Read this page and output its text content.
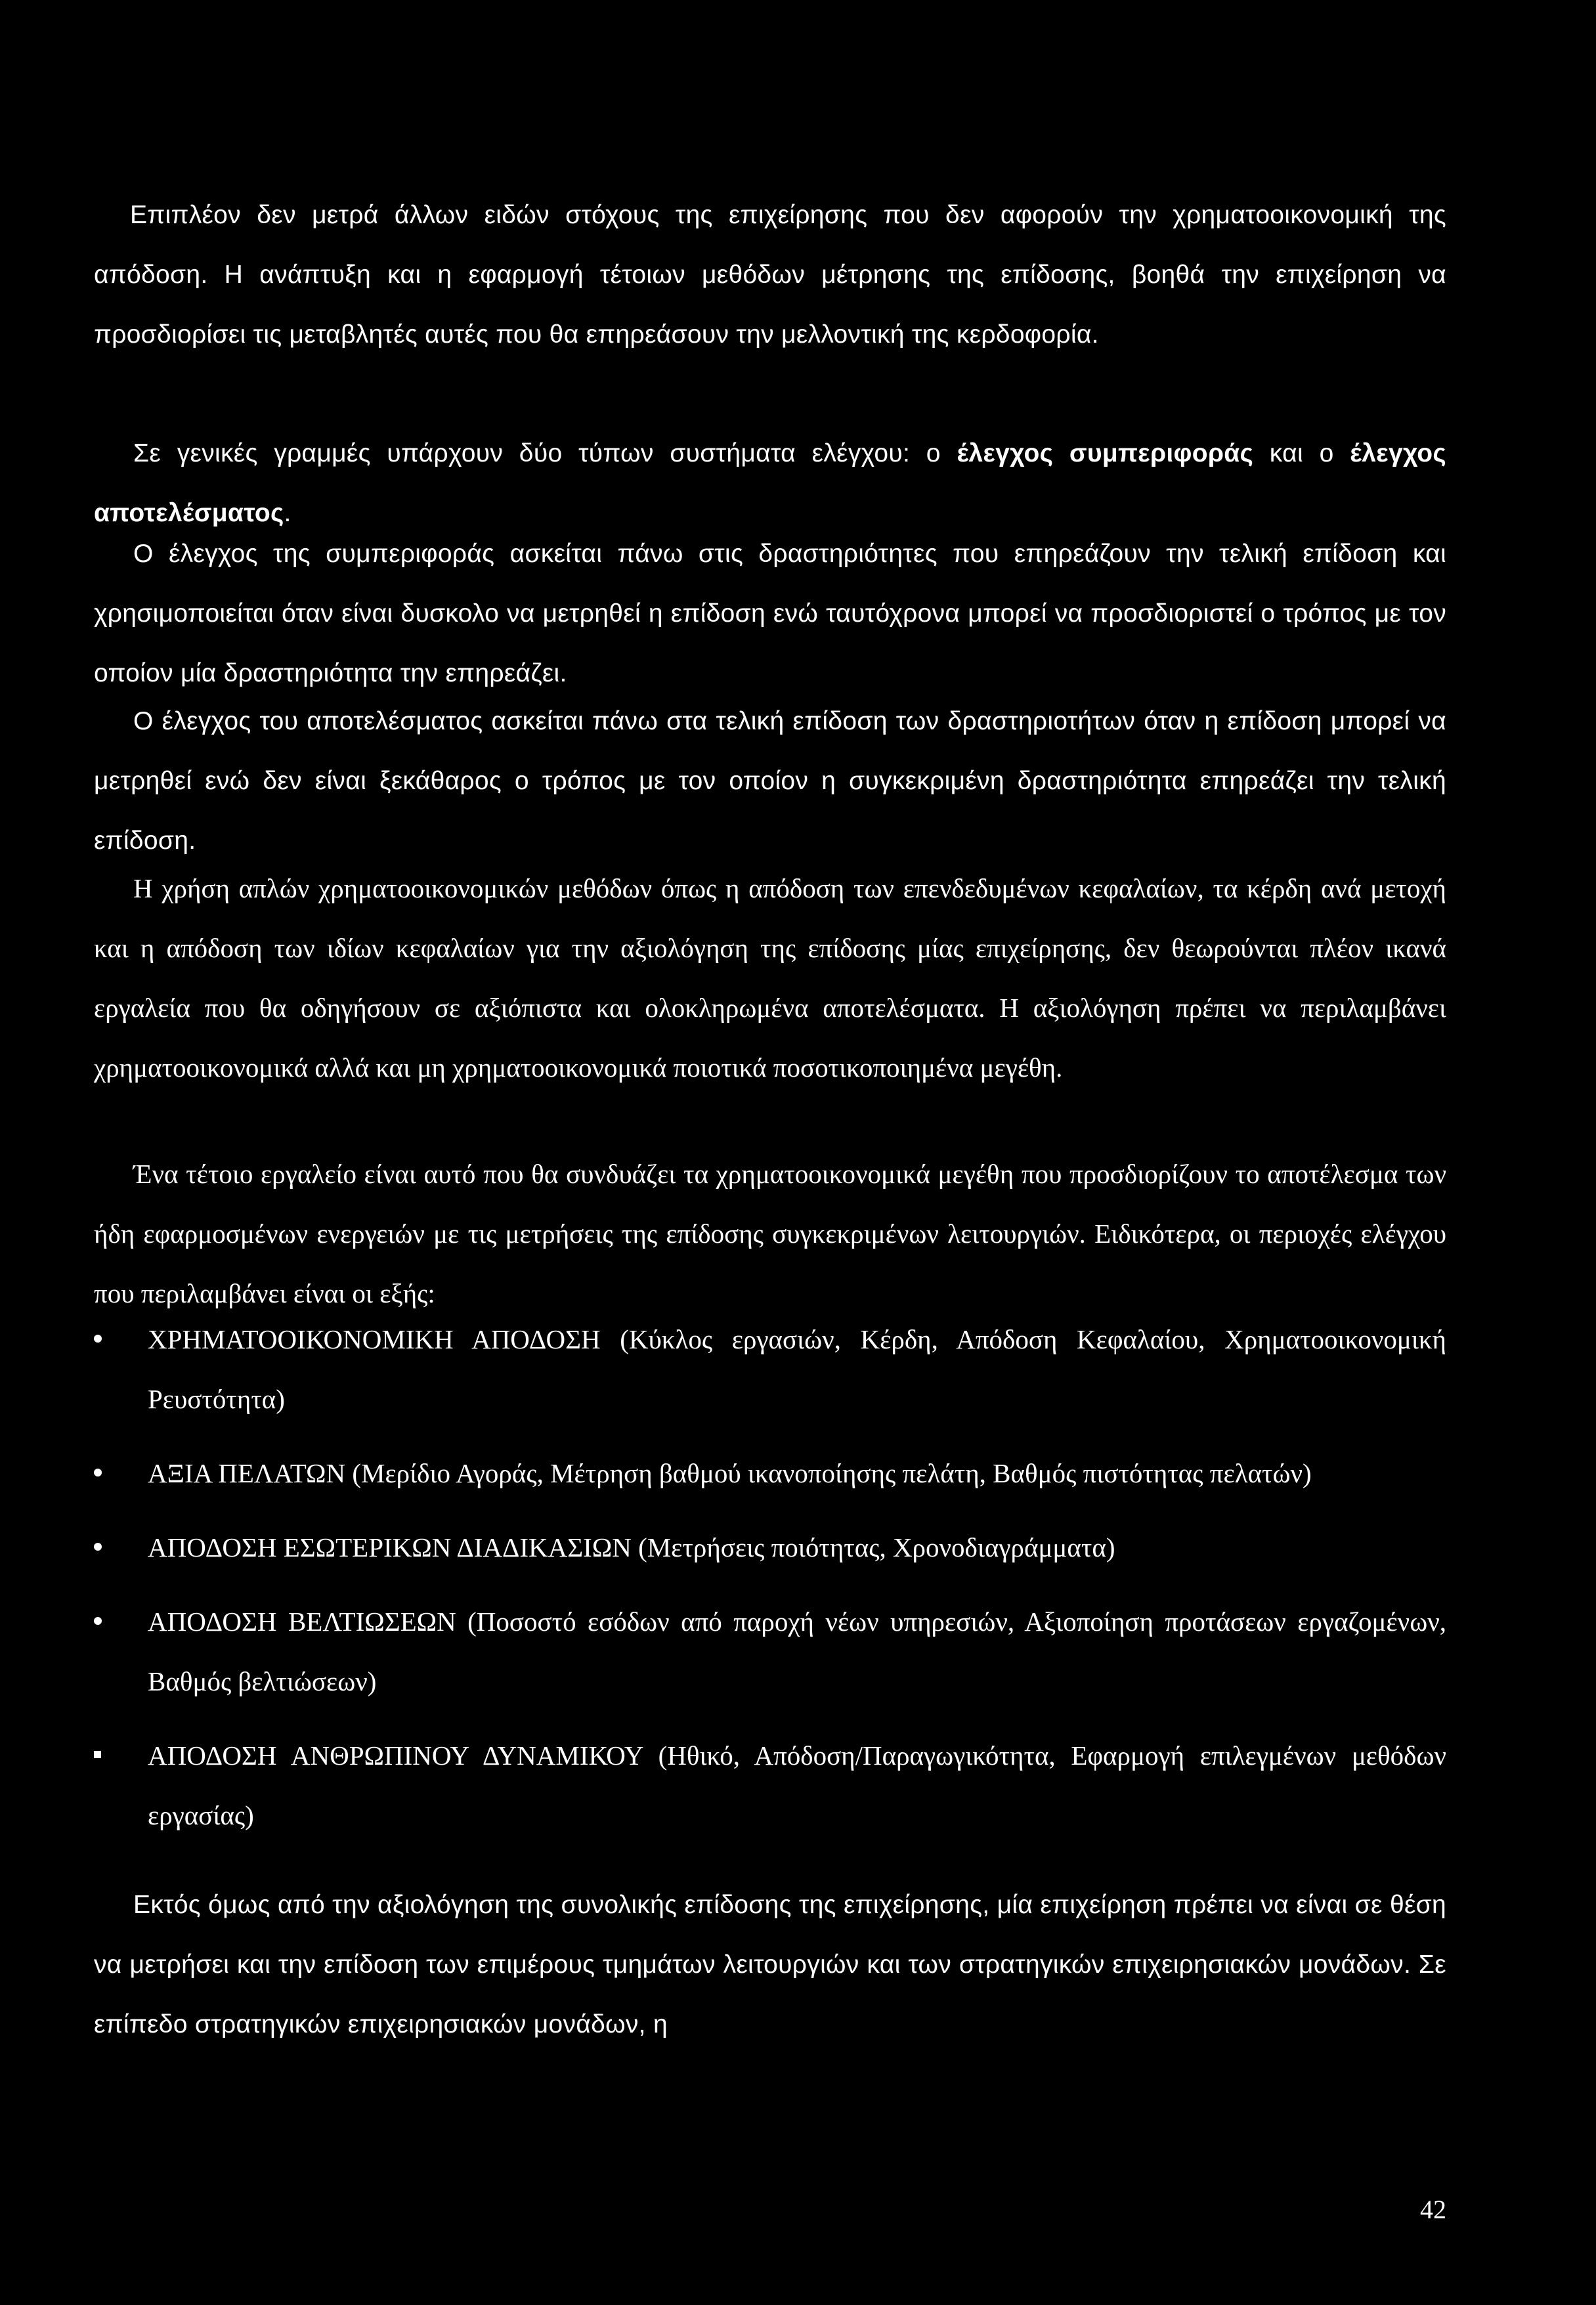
Επιπλέον δεν μετρά άλλων ειδών στόχους της επιχείρησης που δεν αφορούν την χρηματοοικονομική της απόδοση. Η ανάπτυξη και η εφαρμογή τέτοιων μεθόδων μέτρησης της επίδοσης, βοηθά την επιχείρηση να προσδιορίσει τις μεταβλητές αυτές που θα επηρεάσουν την μελλοντική της κερδοφορία.

Σε γενικές γραμμές υπάρχουν δύο τύπων συστήματα ελέγχου: ο έλεγχος συμπεριφοράς και ο έλεγχος αποτελέσματος.

Ο έλεγχος της συμπεριφοράς ασκείται πάνω στις δραστηριότητες που επηρεάζουν την τελική επίδοση και χρησιμοποιείται όταν είναι δυσκολο να μετρηθεί η επίδοση ενώ ταυτόχρονα μπορεί να προσδιοριστεί ο τρόπος με τον οποίον μία δραστηριότητα την επηρεάζει.

Ο έλεγχος του αποτελέσματος ασκείται πάνω στα τελική επίδοση των δραστηριοτήτων όταν η επίδοση μπορεί να μετρηθεί ενώ δεν είναι ξεκάθαρος ο τρόπος με τον οποίον η συγκεκριμένη δραστηριότητα επηρεάζει την τελική επίδοση.

Η χρήση απλών χρηματοοικονομικών μεθόδων όπως η απόδοση των επενδεδυμένων κεφαλαίων, τα κέρδη ανά μετοχή και η απόδοση των ιδίων κεφαλαίων για την αξιολόγηση της επίδοσης μίας επιχείρησης, δεν θεωρούνται πλέον ικανά εργαλεία που θα οδηγήσουν σε αξιόπιστα και ολοκληρωμένα αποτελέσματα. Η αξιολόγηση πρέπει να περιλαμβάνει χρηματοοικονομικά αλλά και μη χρηματοοικονομικά ποιοτικά ποσοτικοποιημένα μεγέθη.

Ένα τέτοιο εργαλείο είναι αυτό που θα συνδυάζει τα χρηματοοικονομικά μεγέθη που προσδιορίζουν το αποτέλεσμα των ήδη εφαρμοσμένων ενεργειών με τις μετρήσεις της επίδοσης συγκεκριμένων λειτουργιών. Ειδικότερα, οι περιοχές ελέγχου που περιλαμβάνει είναι οι εξής:

ΧΡΗΜΑΤΟΟΙΚΟΝΟΜΙΚΗ ΑΠΟΔΟΣΗ (Κύκλος εργασιών, Κέρδη, Απόδοση Κεφαλαίου, Χρηματοοικονομική Ρευστότητα)
ΑΞΙΑ ΠΕΛΑΤΩΝ (Μερίδιο Αγοράς, Μέτρηση βαθμού ικανοποίησης πελάτη, Βαθμός πιστότητας πελατών)
ΑΠΟΔΟΣΗ ΕΣΩΤΕΡΙΚΩΝ ΔΙΑΔΙΚΑΣΙΩΝ (Μετρήσεις ποιότητας, Χρονοδιαγράμματα)
ΑΠΟΔΟΣΗ ΒΕΛΤΙΩΣΕΩΝ (Ποσοστό εσόδων από παροχή νέων υπηρεσιών, Αξιοποίηση προτάσεων εργαζομένων, Βαθμός βελτιώσεων)
ΑΠΟΔΟΣΗ ΑΝΘΡΩΠΙΝΟΥ ΔΥΝΑΜΙΚΟΥ (Ηθικό, Απόδοση/Παραγωγικότητα, Εφαρμογή επιλεγμένων μεθόδων εργασίας)

Εκτός όμως από την αξιολόγηση της συνολικής επίδοσης της επιχείρησης, μία επιχείρηση πρέπει να είναι σε θέση να μετρήσει και την επίδοση των επιμέρους τμημάτων λειτουργιών και των στρατηγικών επιχειρησιακών μονάδων. Σε επίπεδο στρατηγικών επιχειρησιακών μονάδων, η

42
